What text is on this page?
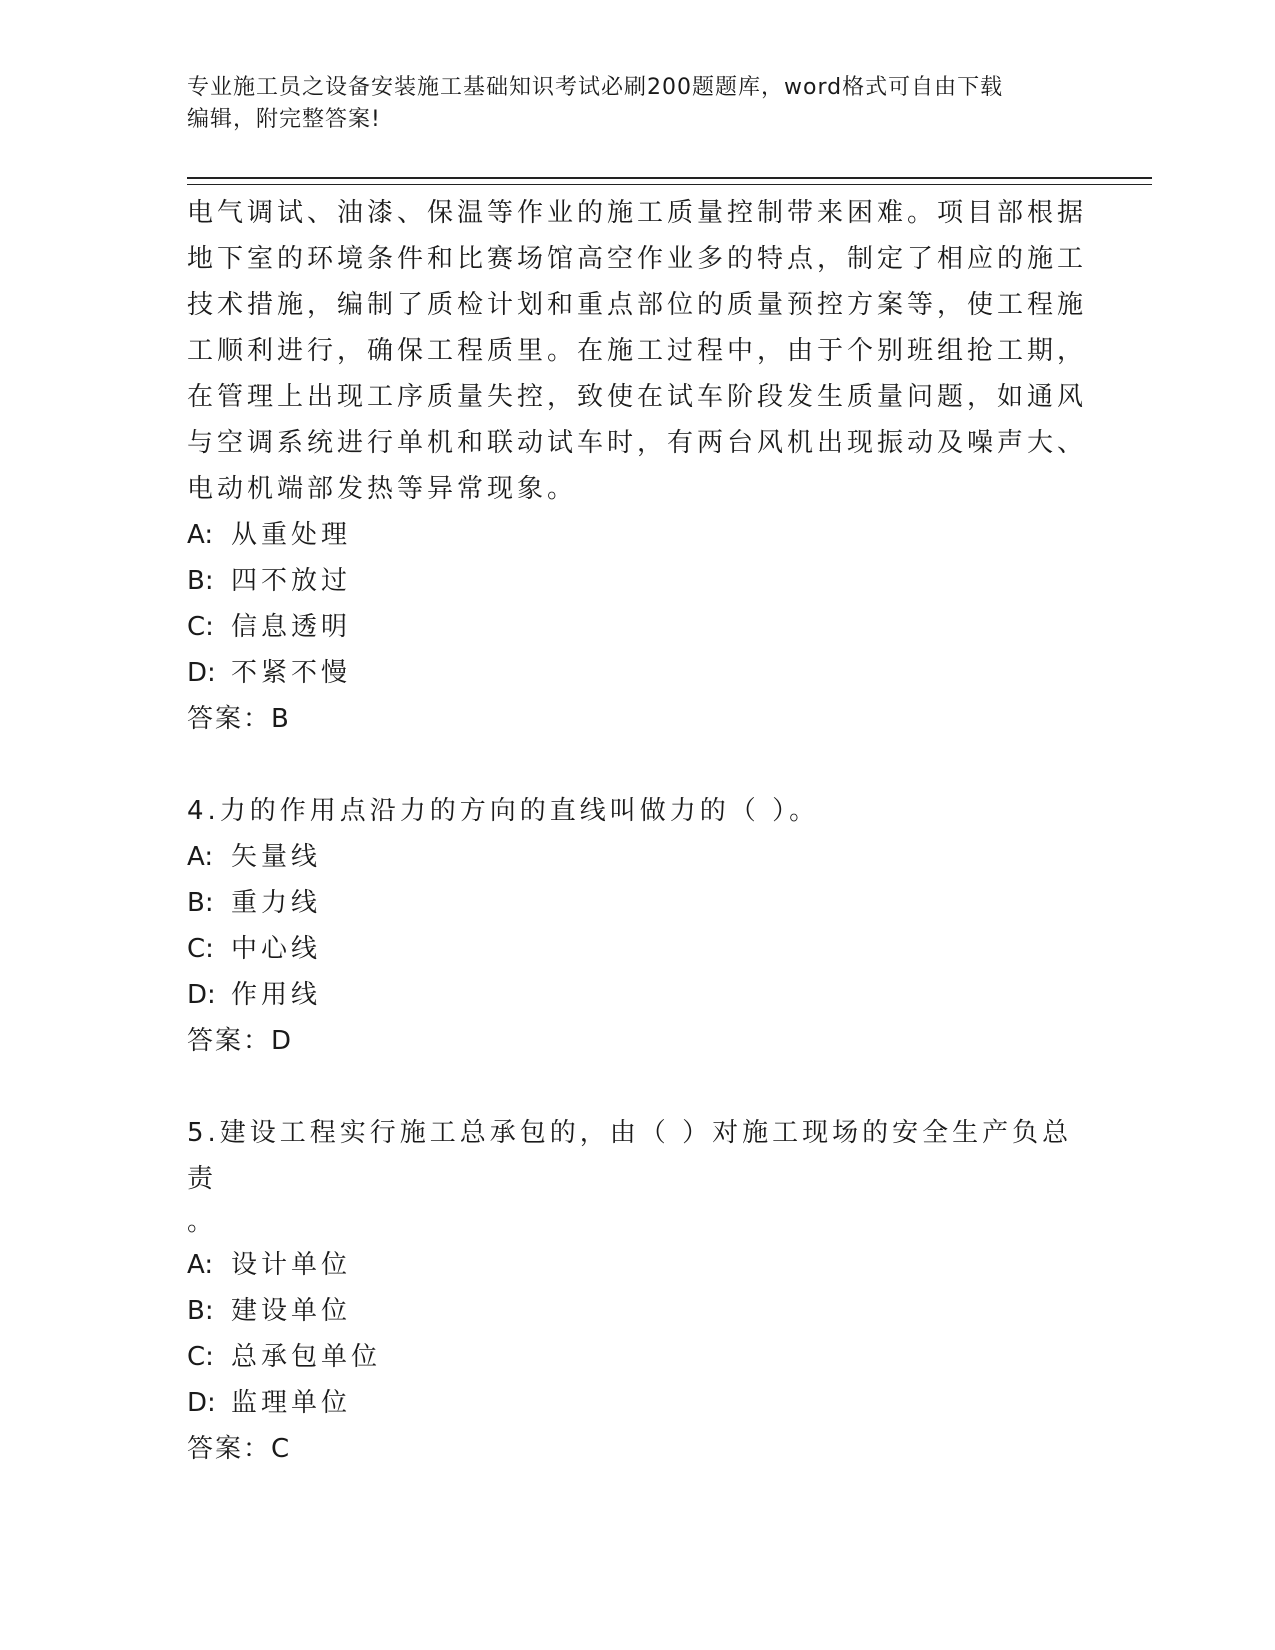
专业施工员之设备安装施工基础知识考试必刷200题题库，word格式可自由下载
编辑，附完整答案!

电气调试、油漆、保温等作业的施工质量控制带来困难。项目部根据

地下室的环境条件和比赛场馆高空作业多的特点，制定了相应的施工

技术措施，编制了质检计划和重点部位的质量预控方案等，使工程施

工顺利进行，确保工程质里。在施工过程中，由于个别班组抢工期，

在管理上出现工序质量失控，致使在试车阶段发生质量问题，如通风

与空调系统进行单机和联动试车时，有两台风机出现振动及噪声大、

电动机端部发热等异常现象。

A: 从重处理

B: 四不放过

C: 信息透明

D: 不紧不慢

答案：B

4.力的作用点沿力的方向的直线叫做力的（ ）。

A: 矢量线

B: 重力线

C: 中心线

D: 作用线

答案：D

5.建设工程实行施工总承包的，由（ ）对施工现场的安全生产负总责

。

A: 设计单位

B: 建设单位

C: 总承包单位

D: 监理单位

答案：C
